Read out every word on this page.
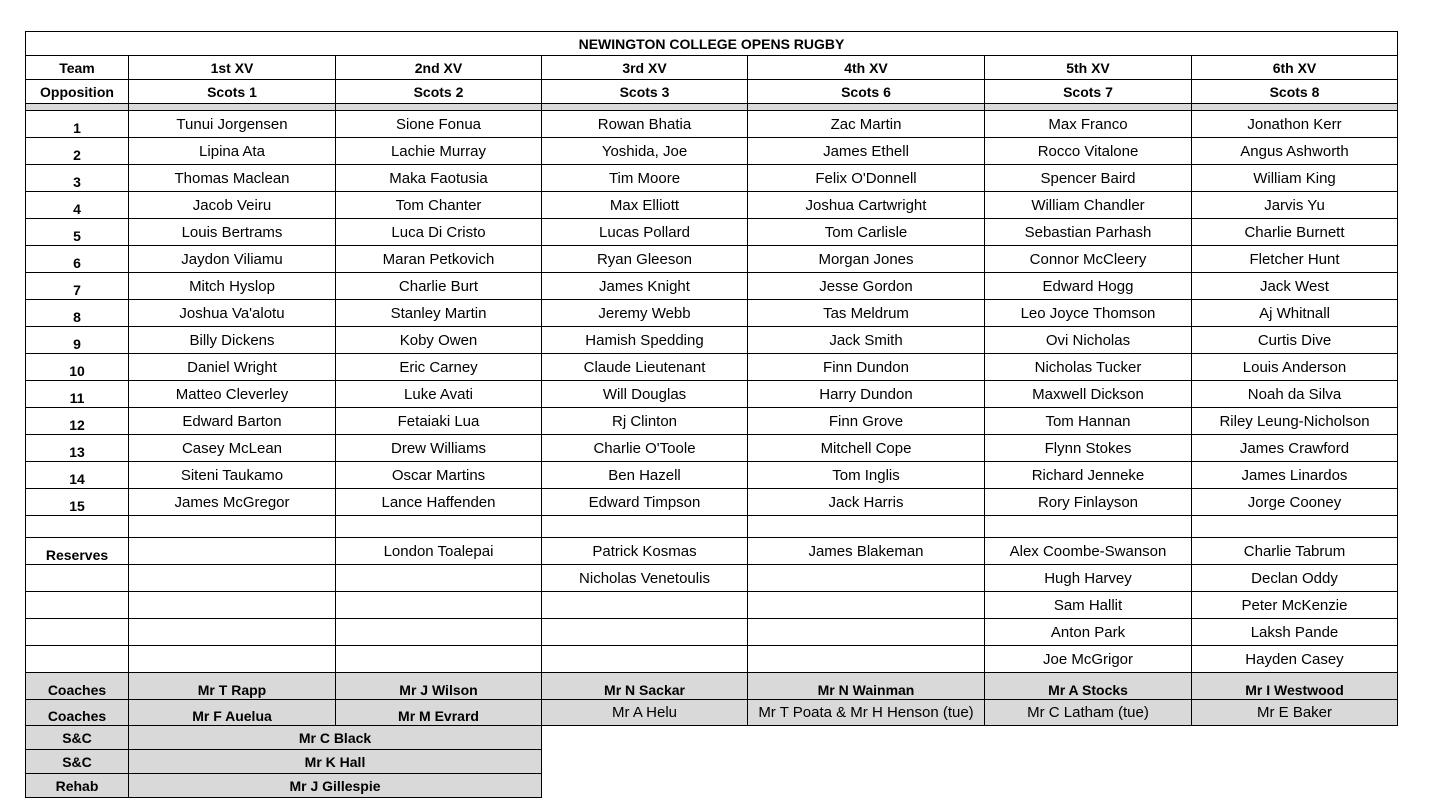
NEWINGTON COLLEGE OPENS RUGBY						
Team	1st XV	2nd XV	3rd XV	4th XV	5th XV	6th XV
Opposition	Scots 1	Scots 2	Scots 3	Scots 6	Scots 7	Scots 8

1	Tunui Jorgensen	Sione Fonua	Rowan Bhatia	Zac Martin	Max Franco	Jonathon Kerr
2	Lipina Ata	Lachie Murray	Yoshida, Joe	James Ethell	Rocco Vitalone	Angus Ashworth
3	Thomas Maclean	Maka Faotusia	Tim Moore	Felix O'Donnell	Spencer Baird	William King
4	Jacob Veiru	Tom Chanter	Max Elliott	Joshua Cartwright	William Chandler	Jarvis Yu
5	Louis Bertrams	Luca Di Cristo	Lucas Pollard	Tom Carlisle	Sebastian Parhash	Charlie Burnett
6	Jaydon Viliamu	Maran Petkovich	Ryan Gleeson	Morgan Jones	Connor McCleery	Fletcher Hunt
7	Mitch Hyslop	Charlie Burt	James Knight	Jesse Gordon	Edward Hogg	Jack West
8	Joshua Va'alotu	Stanley Martin	Jeremy Webb	Tas Meldrum	Leo Joyce Thomson	Aj Whitnall
9	Billy Dickens	Koby Owen	Hamish Spedding	Jack Smith	Ovi Nicholas	Curtis Dive
10	Daniel Wright	Eric Carney	Claude Lieutenant	Finn Dundon	Nicholas Tucker	Louis Anderson
11	Matteo Cleverley	Luke Avati	Will Douglas	Harry Dundon	Maxwell Dickson	Noah da Silva
12	Edward Barton	Fetaiaki Lua	Rj Clinton	Finn Grove	Tom Hannan	Riley Leung-Nicholson
13	Casey McLean	Drew Williams	Charlie O'Toole	Mitchell Cope	Flynn Stokes	James Crawford
14	Siteni Taukamo	Oscar Martins	Ben Hazell	Tom Inglis	Richard Jenneke	James Linardos
15	James McGregor	Lance Haffenden	Edward Timpson	Jack Harris	Rory Finlayson	Jorge Cooney

Reserves		London Toalepai	Patrick Kosmas	James Blakeman	Alex Coombe-Swanson	Charlie Tabrum
			Nicholas Venetoulis		Hugh Harvey	Declan Oddy
					Sam Hallit	Peter McKenzie
					Anton Park	Laksh Pande
					Joe McGrigor	Hayden Casey
Coaches	Mr T Rapp	Mr J Wilson	Mr N Sackar	Mr N Wainman	Mr A Stocks	Mr I Westwood
Coaches	Mr F Auelua	Mr M Evrard	Mr A Helu	Mr T Poata & Mr H Henson (tue)	Mr C Latham (tue)	Mr E Baker
S&C	Mr C Black					
S&C	Mr K Hall					
Rehab	Mr J Gillespie					
